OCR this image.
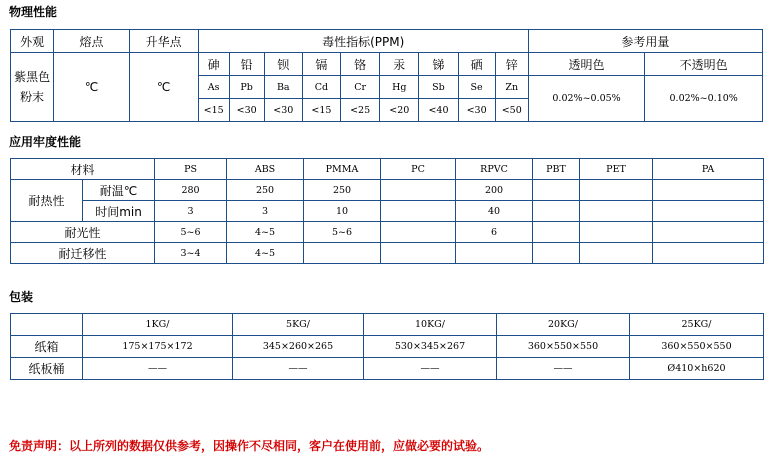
物理性能
外观	熔点	升华点	毒性指标(PPM)									参考用量	
紫黑色
粉末	℃	℃	砷	铅	钡	镉	铬	汞	锑	硒	锌	透明色	不透明色
			As	Pb	Ba	Cd	Cr	Hg	Sb	Se	Zn	0.02%~0.05%	0.02%~0.10%
			<15	<30	<30	<15	<25	<20	<40	<30	<50		
应用牢度性能
材料		PS	ABS	PMMA	PC	RPVC	PBT	PET	PA
耐热性	耐温℃	280	250	250		200			
	时间min	3	3	10		40			
耐光性		5~6	4~5	5~6		6			
耐迁移性		3~4	4~5						
包装
	1KG/	5KG/	10KG/	20KG/	25KG/
纸箱	175×175×172	345×260×265	530×345×267	360×550×550	360×550×550
纸板桶	——	——	——	——	Ø410×h620
免责声明：以上所列的数据仅供参考，因操作不尽相同，客户在使用前，应做必要的试验。
